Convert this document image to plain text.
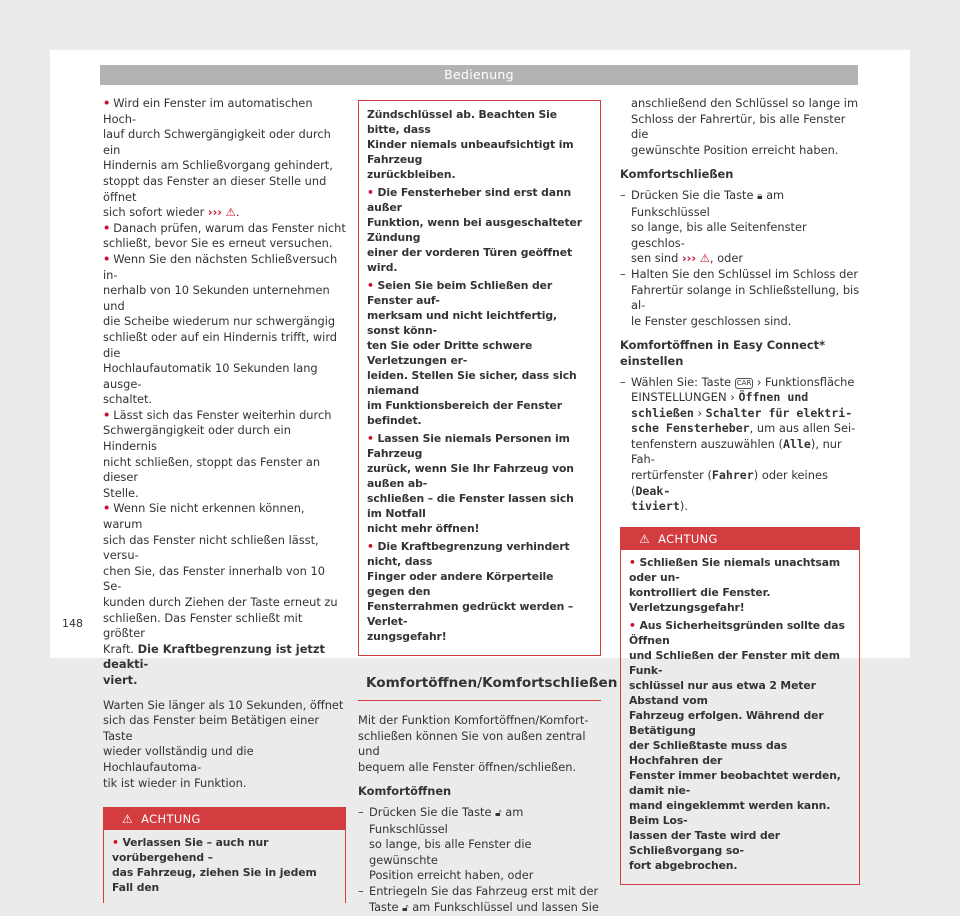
Bedienung
• Wird ein Fenster im automatischen Hoch-
lauf durch Schwergängigkeit oder durch ein
Hindernis am Schließvorgang gehindert,
stoppt das Fenster an dieser Stelle und öffnet
sich sofort wieder ››› ⚠.
• Danach prüfen, warum das Fenster nicht
schließt, bevor Sie es erneut versuchen.
• Wenn Sie den nächsten Schließversuch in-
nerhalb von 10 Sekunden unternehmen und
die Scheibe wiederum nur schwergängig
schließt oder auf ein Hindernis trifft, wird die
Hochlaufautomatik 10 Sekunden lang ausge-
schaltet.
• Lässt sich das Fenster weiterhin durch
Schwergängigkeit oder durch ein Hindernis
nicht schließen, stoppt das Fenster an dieser
Stelle.
• Wenn Sie nicht erkennen können, warum
sich das Fenster nicht schließen lässt, versu-
chen Sie, das Fenster innerhalb von 10 Se-
kunden durch Ziehen der Taste erneut zu
schließen. Das Fenster schließt mit größter
Kraft. Die Kraftbegrenzung ist jetzt deakti-
viert.
Warten Sie länger als 10 Sekunden, öffnet
sich das Fenster beim Betätigen einer Taste
wieder vollständig und die Hochlaufautoma-
tik ist wieder in Funktion.
⚠ ACHTUNG
• Verlassen Sie – auch nur vorübergehend –
das Fahrzeug, ziehen Sie in jedem Fall den
Zündschlüssel ab. Beachten Sie bitte, dass
Kinder niemals unbeaufsichtigt im Fahrzeug
zurückbleiben.
• Die Fensterheber sind erst dann außer
Funktion, wenn bei ausgeschalteter Zündung
einer der vorderen Türen geöffnet wird.
• Seien Sie beim Schließen der Fenster auf-
merksam und nicht leichtfertig, sonst könn-
ten Sie oder Dritte schwere Verletzungen er-
leiden. Stellen Sie sicher, dass sich niemand
im Funktionsbereich der Fenster befindet.
• Lassen Sie niemals Personen im Fahrzeug
zurück, wenn Sie Ihr Fahrzeug von außen ab-
schließen – die Fenster lassen sich im Notfall
nicht mehr öffnen!
• Die Kraftbegrenzung verhindert nicht, dass
Finger oder andere Körperteile gegen den
Fensterrahmen gedrückt werden – Verlet-
zungsgefahr!
Komfortöffnen/Komfortschließen
Mit der Funktion Komfortöffnen/Komfort-
schließen können Sie von außen zentral und
bequem alle Fenster öffnen/schließen.
Komfortöffnen
– Drücken Sie die Taste 🔓︎ am Funkschlüssel
so lange, bis alle Fenster die gewünschte
Position erreicht haben, oder
– Entriegeln Sie das Fahrzeug erst mit der
Taste 🔓︎ am Funkschlüssel und lassen Sie
anschließend den Schlüssel so lange im
Schloss der Fahrertür, bis alle Fenster die
gewünschte Position erreicht haben.
Komfortschließen
– Drücken Sie die Taste 🔒︎ am Funkschlüssel
so lange, bis alle Seitenfenster geschlos-
sen sind ››› ⚠, oder
– Halten Sie den Schlüssel im Schloss der
Fahrertür solange in Schließstellung, bis al-
le Fenster geschlossen sind.
Komfortöffnen in Easy Connect* einstellen
– Wählen Sie: Taste CAR › Funktionsfläche
EINSTELLUNGEN › Öffnen und
schließen › Schalter für elektri-
sche Fensterheber, um aus allen Sei-
tenfenstern auszuwählen (Alle), nur Fah-
rertürfenster (Fahrer) oder keines (Deak-
tiviert).
⚠ ACHTUNG
• Schließen Sie niemals unachtsam oder un-
kontrolliert die Fenster. Verletzungsgefahr!
• Aus Sicherheitsgründen sollte das Öffnen
und Schließen der Fenster mit dem Funk-
schlüssel nur aus etwa 2 Meter Abstand vom
Fahrzeug erfolgen. Während der Betätigung
der Schließtaste muss das Hochfahren der
Fenster immer beobachtet werden, damit nie-
mand eingeklemmt werden kann. Beim Los-
lassen der Taste wird der Schließvorgang so-
fort abgebrochen.
148
